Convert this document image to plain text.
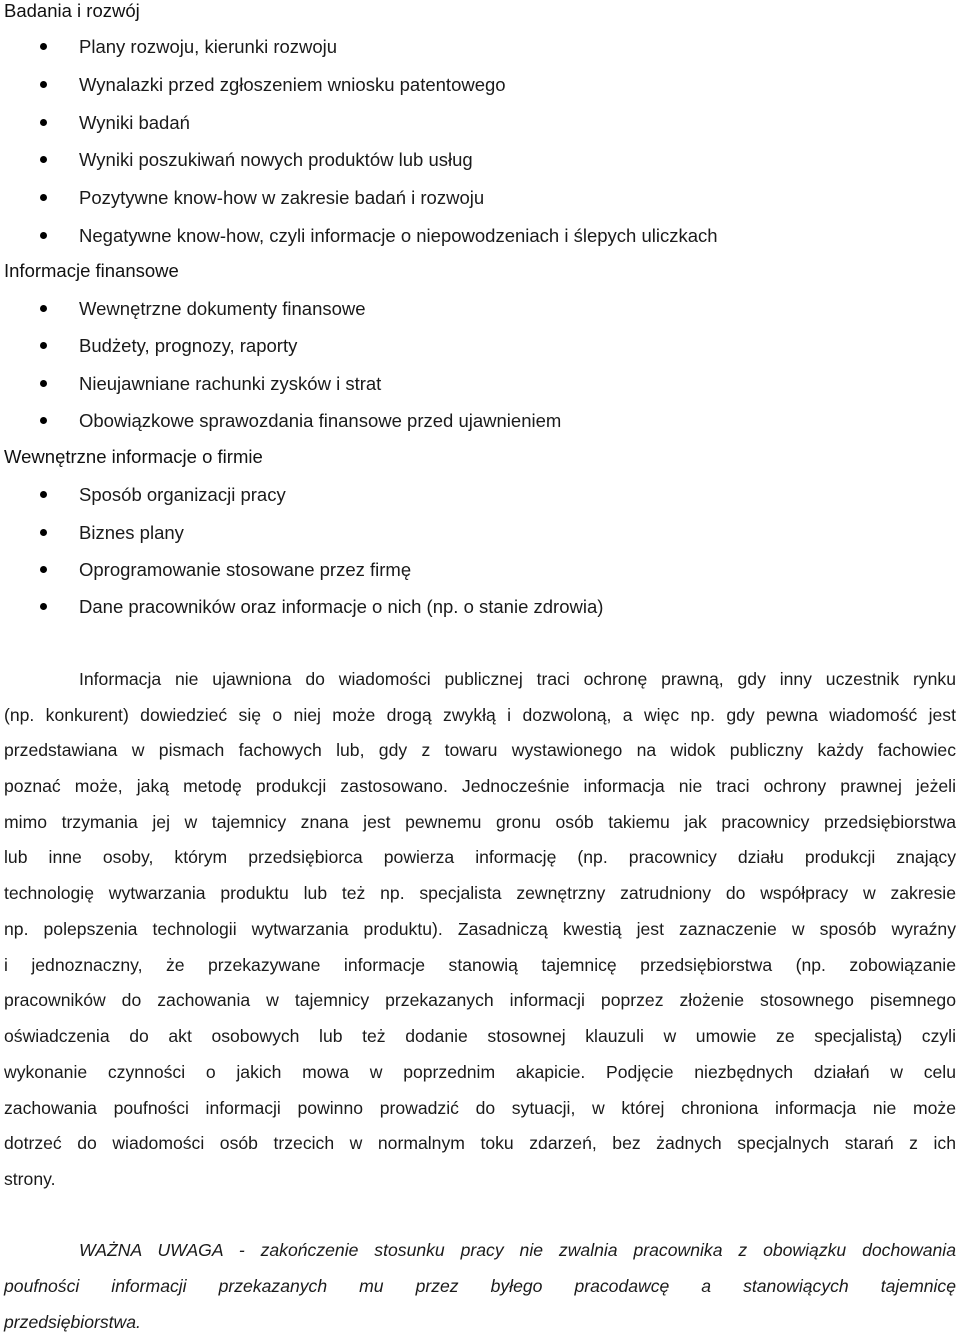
Badania i rozwój
Plany rozwoju, kierunki rozwoju
Wynalazki przed zgłoszeniem wniosku patentowego
Wyniki badań
Wyniki poszukiwań nowych produktów lub usług
Pozytywne know-how w zakresie badań i rozwoju
Negatywne know-how, czyli informacje o niepowodzeniach i ślepych uliczkach
Informacje finansowe
Wewnętrzne dokumenty finansowe
Budżety, prognozy, raporty
Nieujawniane rachunki zysków i strat
Obowiązkowe sprawozdania finansowe przed ujawnieniem
Wewnętrzne informacje o firmie
Sposób organizacji pracy
Biznes plany
Oprogramowanie stosowane przez firmę
Dane pracowników oraz informacje o nich (np. o stanie zdrowia)
Informacja nie ujawniona do wiadomości publicznej traci ochronę prawną, gdy inny uczestnik rynku
(np. konkurent) dowiedzieć się o niej może drogą zwykłą i dozwoloną, a więc np. gdy pewna wiadomość jest
przedstawiana w pismach fachowych lub, gdy z towaru wystawionego na widok publiczny każdy fachowiec
poznać może, jaką metodę produkcji zastosowano. Jednocześnie informacja nie traci ochrony prawnej jeżeli
mimo trzymania jej w tajemnicy znana jest pewnemu gronu osób takiemu jak pracownicy przedsiębiorstwa
lub inne osoby, którym przedsiębiorca powierza informację (np. pracownicy działu produkcji znający
technologię wytwarzania produktu lub też np. specjalista zewnętrzny zatrudniony do współpracy w zakresie
np. polepszenia technologii wytwarzania produktu). Zasadniczą kwestią jest zaznaczenie w sposób wyraźny
i jednoznaczny, że przekazywane informacje stanowią tajemnicę przedsiębiorstwa (np. zobowiązanie
pracowników do zachowania w tajemnicy przekazanych informacji poprzez złożenie stosownego pisemnego
oświadczenia do akt osobowych lub też dodanie stosownej klauzuli w umowie ze specjalistą) czyli
wykonanie czynności o jakich mowa w poprzednim akapicie. Podjęcie niezbędnych działań w celu
zachowania poufności informacji powinno prowadzić do sytuacji, w której chroniona informacja nie może
dotrzeć do wiadomości osób trzecich w normalnym toku zdarzeń, bez żadnych specjalnych starań z ich
strony.
WAŻNA UWAGA - zakończenie stosunku pracy nie zwalnia pracownika z obowiązku dochowania
poufności informacji przekazanych mu przez byłego pracodawcę a stanowiących tajemnicę
przedsiębiorstwa.
